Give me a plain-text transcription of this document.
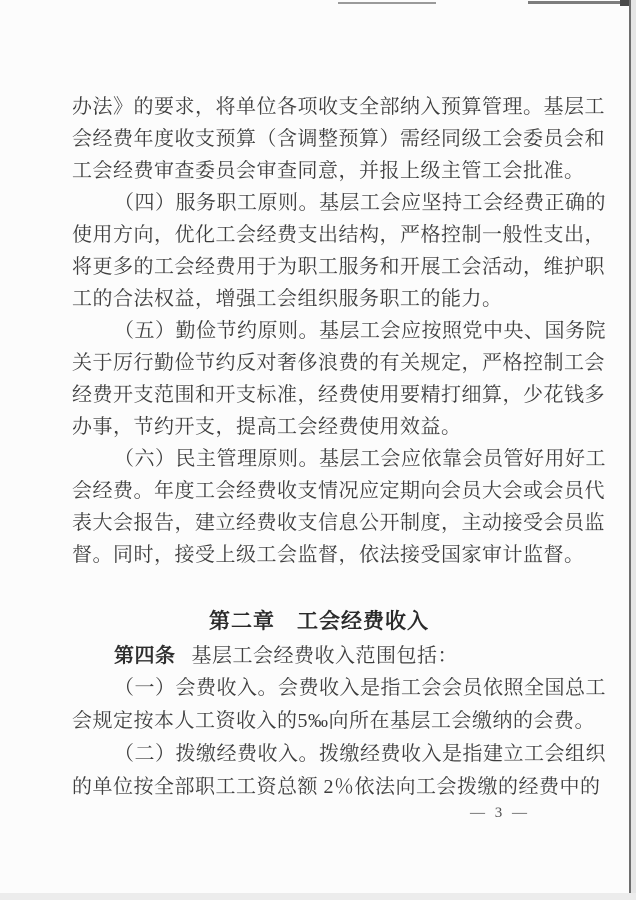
办法》的要求，将单位各项收支全部纳入预算管理。基层工
会经费年度收支预算（含调整预算）需经同级工会委员会和
工会经费审查委员会审查同意，并报上级主管工会批准。
（四）服务职工原则。基层工会应坚持工会经费正确的
使用方向，优化工会经费支出结构，严格控制一般性支出，
将更多的工会经费用于为职工服务和开展工会活动，维护职
工的合法权益，增强工会组织服务职工的能力。
（五）勤俭节约原则。基层工会应按照党中央、国务院
关于厉行勤俭节约反对奢侈浪费的有关规定，严格控制工会
经费开支范围和开支标准，经费使用要精打细算，少花钱多
办事，节约开支，提高工会经费使用效益。
（六）民主管理原则。基层工会应依靠会员管好用好工
会经费。年度工会经费收支情况应定期向会员大会或会员代
表大会报告，建立经费收支信息公开制度，主动接受会员监
督。同时，接受上级工会监督，依法接受国家审计监督。
第二章　工会经费收入
第四条 基层工会经费收入范围包括：
（一）会费收入。会费收入是指工会会员依照全国总工
会规定按本人工资收入的5‰向所在基层工会缴纳的会费。
（二）拨缴经费收入。拨缴经费收入是指建立工会组织
的单位按全部职工工资总额 2％依法向工会拨缴的经费中的
— 3 —
